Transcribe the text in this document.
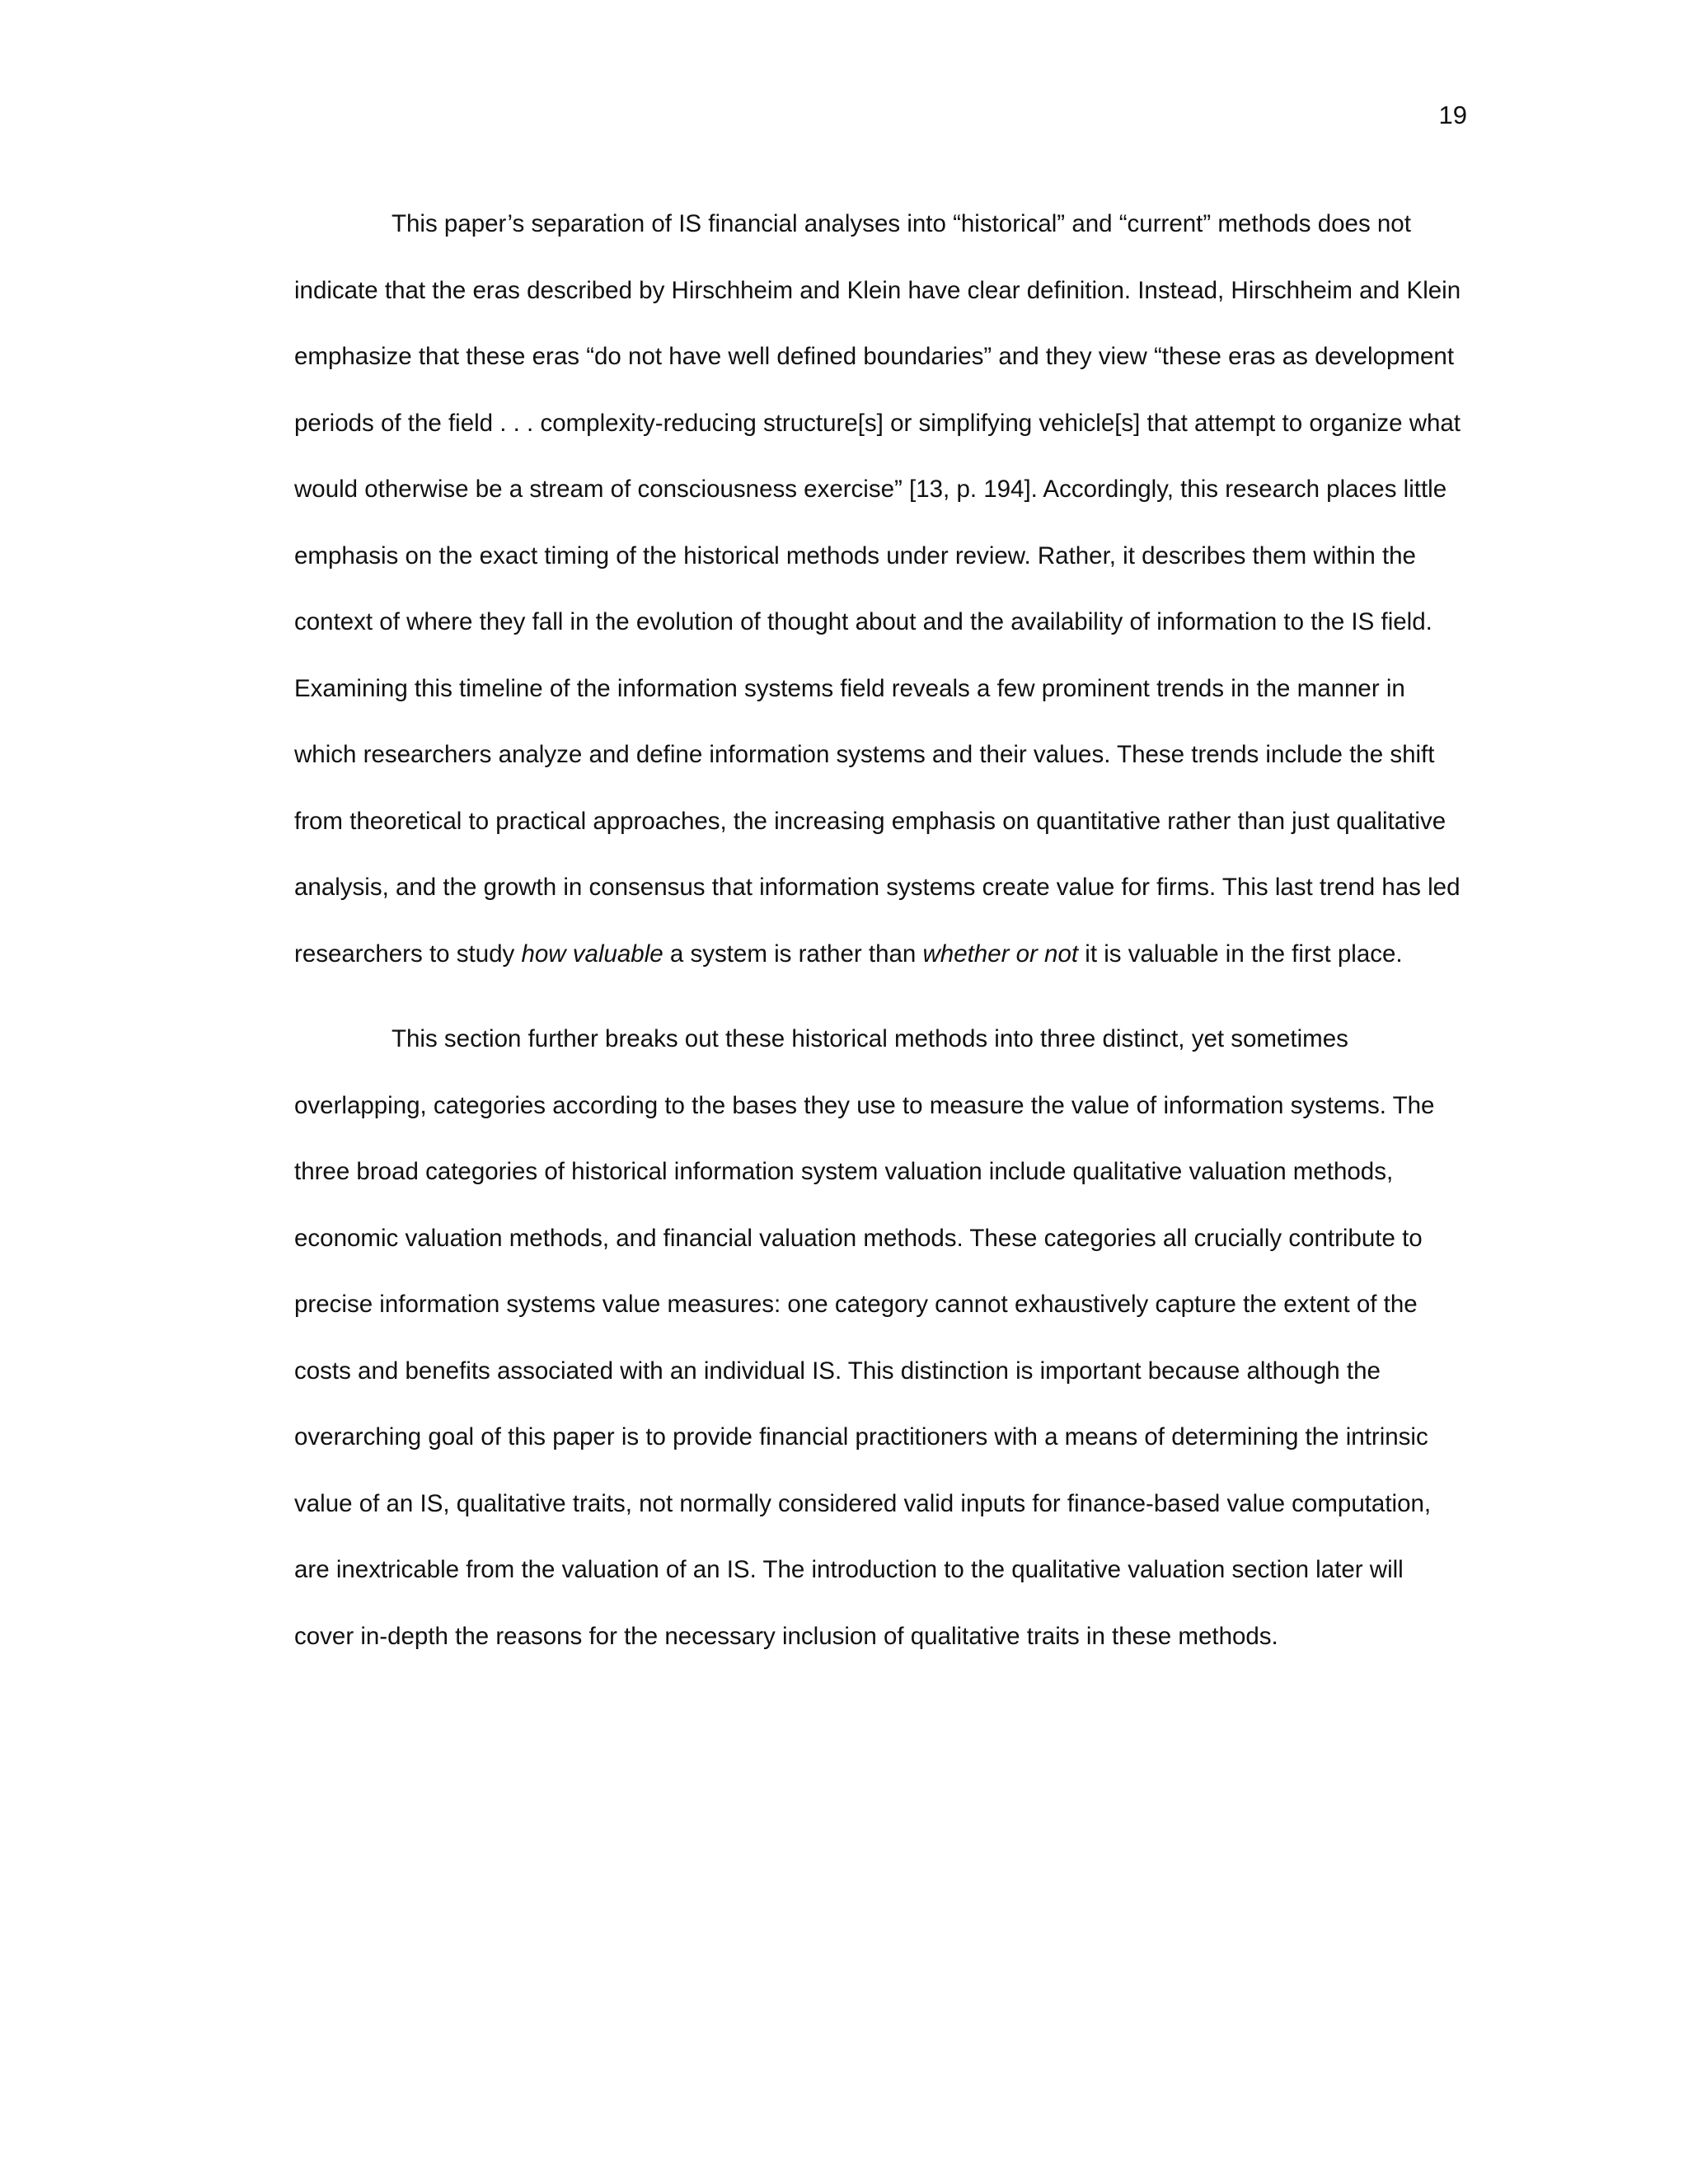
19

This paper’s separation of IS financial analyses into “historical” and “current” methods does not indicate that the eras described by Hirschheim and Klein have clear definition. Instead, Hirschheim and Klein emphasize that these eras “do not have well defined boundaries” and they view “these eras as development periods of the field . . . complexity-reducing structure[s] or simplifying vehicle[s] that attempt to organize what would otherwise be a stream of consciousness exercise” [13, p. 194]. Accordingly, this research places little emphasis on the exact timing of the historical methods under review. Rather, it describes them within the context of where they fall in the evolution of thought about and the availability of information to the IS field. Examining this timeline of the information systems field reveals a few prominent trends in the manner in which researchers analyze and define information systems and their values. These trends include the shift from theoretical to practical approaches, the increasing emphasis on quantitative rather than just qualitative analysis, and the growth in consensus that information systems create value for firms. This last trend has led researchers to study how valuable a system is rather than whether or not it is valuable in the first place.

This section further breaks out these historical methods into three distinct, yet sometimes overlapping, categories according to the bases they use to measure the value of information systems. The three broad categories of historical information system valuation include qualitative valuation methods, economic valuation methods, and financial valuation methods. These categories all crucially contribute to precise information systems value measures: one category cannot exhaustively capture the extent of the costs and benefits associated with an individual IS. This distinction is important because although the overarching goal of this paper is to provide financial practitioners with a means of determining the intrinsic value of an IS, qualitative traits, not normally considered valid inputs for finance-based value computation, are inextricable from the valuation of an IS. The introduction to the qualitative valuation section later will cover in-depth the reasons for the necessary inclusion of qualitative traits in these methods.
